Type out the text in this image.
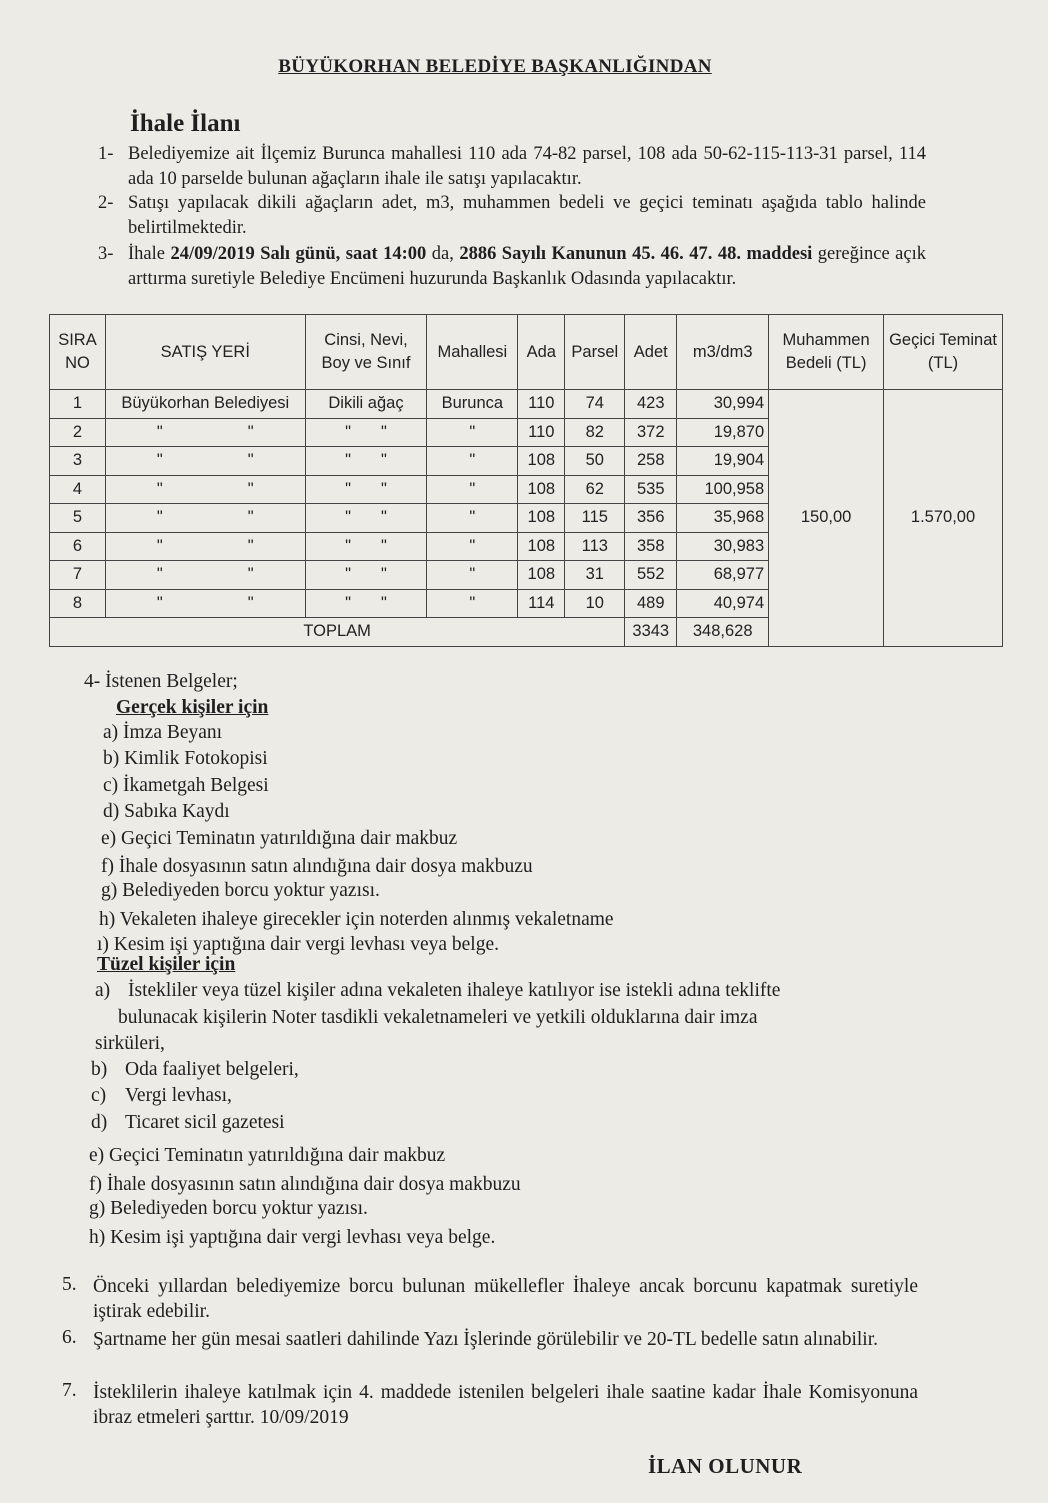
BÜYÜKORHAN BELEDİYE BAŞKANLIĞINDAN
İhale İlanı
1- Belediyemize ait İlçemiz Burunca mahallesi 110 ada 74-82 parsel, 108 ada 50-62-115-113-31 parsel, 114 ada 10 parselde bulunan ağaçların ihale ile satışı yapılacaktır.
2- Satışı yapılacak dikili ağaçların adet, m3, muhammen bedeli ve geçici teminatı aşağıda tablo halinde belirtilmektedir.
3- İhale 24/09/2019 Salı günü, saat 14:00 da, 2886 Sayılı Kanunun 45. 46. 47. 48. maddesi gereğince açık arttırma suretiyle Belediye Encümeni huzurunda Başkanlık Odasında yapılacaktır.
SIRA NO	SATIŞ YERİ	Cinsi, Nevi, Boy ve Sınıf	Mahallesi	Ada	Parsel	Adet	m3/dm3	Muhammen Bedeli (TL)	Geçici Teminat (TL)
1	Büyükorhan Belediyesi	Dikili ağaç	Burunca	110	74	423	30,994	150,00	1.570,00
2	" "	" "	"	110	82	372	19,870		
3	" "	" "	"	108	50	258	19,904		
4	" "	" "	"	108	62	535	100,958		
5	" "	" "	"	108	115	356	35,968		
6	" "	" "	"	108	113	358	30,983		
7	" "	" "	"	108	31	552	68,977		
8	" "	" "	"	114	10	489	40,974		
TOPLAM						3343	348,628		
4- İstenen Belgeler;
Gerçek kişiler için
a) İmza Beyanı
b) Kimlik Fotokopisi
c) İkametgah Belgesi
d) Sabıka Kaydı
e) Geçici Teminatın yatırıldığına dair makbuz
f) İhale dosyasının satın alındığına dair dosya makbuzu
g) Belediyeden borcu yoktur yazısı.
h) Vekaleten ihaleye girecekler için noterden alınmış vekaletname
ı) Kesim işi yaptığına dair vergi levhası veya belge.
Tüzel kişiler için
a) İstekliler veya tüzel kişiler adına vekaleten ihaleye katılıyor ise istekli adına teklifte
bulunacak kişilerin Noter tasdikli vekaletnameleri ve yetkili olduklarına dair imza
sirküleri,
b) Oda faaliyet belgeleri,
c) Vergi levhası,
d) Ticaret sicil gazetesi
e) Geçici Teminatın yatırıldığına dair makbuz
f) İhale dosyasının satın alındığına dair dosya makbuzu
g) Belediyeden borcu yoktur yazısı.
h) Kesim işi yaptığına dair vergi levhası veya belge.
5. Önceki yıllardan belediyemize borcu bulunan mükellefler İhaleye ancak borcunu kapatmak suretiyle iştirak edebilir.
6. Şartname her gün mesai saatleri dahilinde Yazı İşlerinde görülebilir ve 20-TL bedelle satın alınabilir.
7. İsteklilerin ihaleye katılmak için 4. maddede istenilen belgeleri ihale saatine kadar İhale Komisyonuna ibraz etmeleri şarttır. 10/09/2019
İLAN OLUNUR
